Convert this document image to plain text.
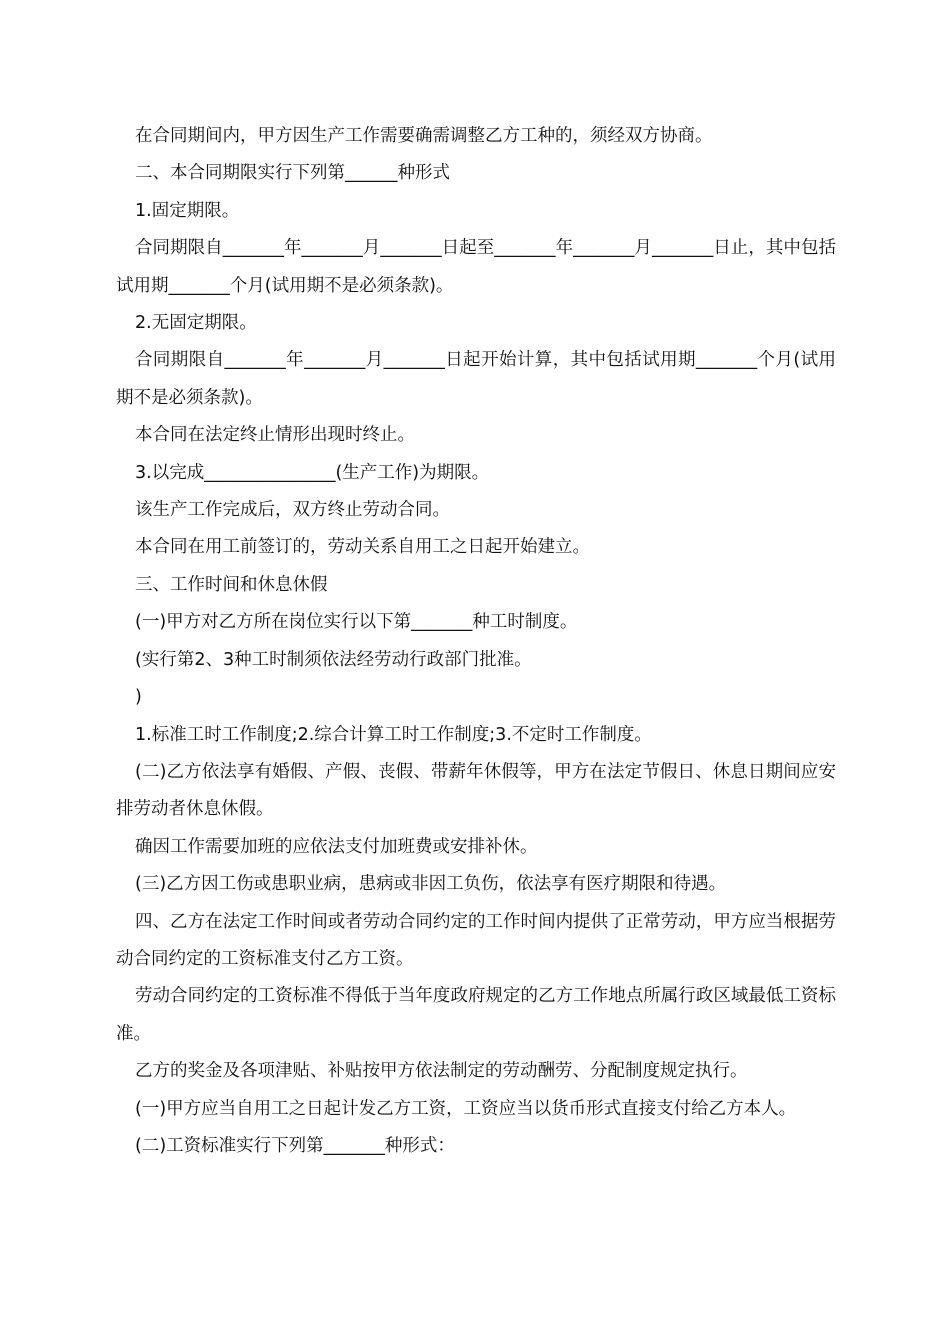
在合同期间内，甲方因生产工作需要确需调整乙方工种的，须经双方协商。

二、本合同期限实行下列第______种形式

1.固定期限。

合同期限自_______年_______月_______日起至_______年_______月_______日止，其中包括试用期_______个月(试用期不是必须条款)。

2.无固定期限。

合同期限自_______年_______月_______日起开始计算，其中包括试用期_______个月(试用期不是必须条款)。

本合同在法定终止情形出现时终止。

3.以完成_______________(生产工作)为期限。

该生产工作完成后，双方终止劳动合同。

本合同在用工前签订的，劳动关系自用工之日起开始建立。

三、工作时间和休息休假

(一)甲方对乙方所在岗位实行以下第_______种工时制度。

(实行第2、3种工时制须依法经劳动行政部门批准。

)

1.标准工时工作制度;2.综合计算工时工作制度;3.不定时工作制度。

(二)乙方依法享有婚假、产假、丧假、带薪年休假等，甲方在法定节假日、休息日期间应安排劳动者休息休假。

确因工作需要加班的应依法支付加班费或安排补休。

(三)乙方因工伤或患职业病，患病或非因工负伤，依法享有医疗期限和待遇。

四、乙方在法定工作时间或者劳动合同约定的工作时间内提供了正常劳动，甲方应当根据劳动合同约定的工资标准支付乙方工资。

劳动合同约定的工资标准不得低于当年度政府规定的乙方工作地点所属行政区域最低工资标准。

乙方的奖金及各项津贴、补贴按甲方依法制定的劳动酬劳、分配制度规定执行。

(一)甲方应当自用工之日起计发乙方工资，工资应当以货币形式直接支付给乙方本人。

(二)工资标准实行下列第_______种形式：
